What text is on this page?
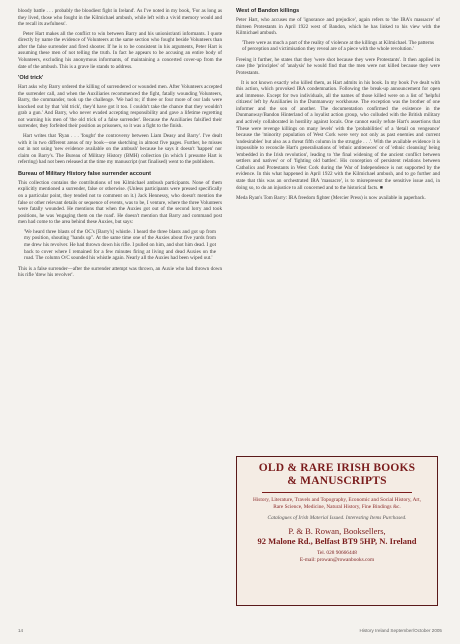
bloody battle . . . probably the bloodiest fight in Ireland'. As I've noted in my book, 'For as long as they lived, those who fought in the Kilmichael ambush, while left with a vivid memory would and the recall its awfulness'.

Peter Hart makes all the conflict to win between Barry and his unionist/anti informants. I quote directly by name the evidence of Volunteers at the same section who fought beside Volunteers than after the false surrender and fired shooter. If he is to be consistent in his arguments, Peter Hart is assuming these men of not telling the truth. In fact he appears to be accusing an entire body of Volunteers, excluding his anonymous informants, of maintaining a concerted cover-up from the date of the ambush. This is a grave lie stands to address.

'Old trick'

Hart asks why Barry ordered the killing of surrendered or wounded men. After Volunteers accepted the surrender call, and when the Auxiliaries recommenced the fight, fatally wounding Volunteers, Barry, the commander, took up the challenge. 'We had to; if three or four more of our lads were knocked out by that 'old trick', they'd have got it too. I couldn't take the chance that they wouldn't grab a gun.' And Barry, who never evaded accepting responsibility and gave a lifetime regretting not warning his men of 'the old trick of a false surrender'. Because the Auxiliaries falsified their surrender, they forfeited their position as prisoners, so it was a fight to the finish.

Hart writes that 'Ryan . . . 'fought' the controversy between Liam Deasy and Barry'. I've dealt with it in two different areas of my book—one sketching in almost five pages. Further, he misses out in not using 'new evidence available on the ambush' because he says it doesn't 'happen' nor claim on Barry's. The Bureau of Military History (BMH) collection (in which I presume Hart is referring) had not been released at the time my manuscript (not finalised) went to the publishers.

Bureau of Military History false surrender account

This collection contains the contributions of ten Kilmichael ambush participants. None of them explicitly mentioned a surrender, false or otherwise. (Unless participants were pressed specifically on a particular point, they tended not to comment on it.) Jack Hennessy, who doesn't mention the false or other relevant details or sequence of events, was to be, I venture, where the three Volunteers were fatally wounded. He mentions that when the Auxies got out of the second lorry and took positions, he was 'engaging them on the road'. He doesn't mention that Barry and command post men had come to the area behind these Auxies, but says:

'We heard three blasts of the OC's [Barry's] whistle. I heard the three blasts and got up from my position, shouting "hands up". At the same time one of the Auxies about five yards from me drew his revolver. He had thrown down his rifle. I pulled on him, and shot him dead. I got back to cover where I remained for a few minutes firing at living and dead Auxies on the road. The column O/C sounded his whistle again. Nearly all the Auxies had been wiped out.'

This is a false surrender—after the surrender attempt was thrown, an Auxie who had thrown down his rifle 'drew his revolver'.

West of Bandon killings

Peter Hart, who accuses me of 'ignorance and prejudice', again refers to 'the IRA's massacre' of thirteen Protestants in April 1922 west of Bandon, which he has linked to his view with the Kilmichael ambush.

'There were as much a part of the reality of violence at the killings at Kilmichael. The patterns of perception and victimisation they reveal are of a piece with the whole revolution.'

Freeing it further, he states that they 'were shot because they were Protestants'. It then applied its case (the 'principles' of 'analysis' he would find that the men were not killed because they were Protestants.

It is not known exactly who killed them, as Hart admits in his book. In my book I've dealt with this action, which provoked IRA condemnation. Following the break-up announcement for open and immense. Except for two individuals, all the names of those killed were on a list of 'helpful citizens' left by Auxiliaries in the Dunmanway workhouse. The exception was the brother of one informer and the son of another. The documentation confirmed the existence in the Dunmanway/Bandon Hinterland of a loyalist action group, who colluded with the British military and actively collaborated in hostility against locals. One cannot easily refute Hart's assertions that 'These were revenge killings on many levels' with the 'probabilities' of a 'detail on vengeance' because the 'minority population of West Cork were very not only as past enemies and current 'undesirables' but also as a threat fifth column in the struggle . . .'. With the available evidence it is impossible to reconcile Hart's generalisations of 'ethnic antiteneces' or of 'ethnic cleansing' being 'embedded in the Irish revolution', leading to 'the final widening of the ancient conflict between settlers and natives' or of 'fighting old battles'. His conception of persistent relations between Catholics and Protestants in West Cork during the War of Independence is not supported by the evidence. In this what happened in April 1922 with the Kilmichael ambush, and to go further and state that this was an orchestrated IRA 'massacre', is to misrepresent the sensitive issue and, in doing so, to do an injustice to all concerned and to the historical facts. ■

Meda Ryan's Tom Barry: IRA freedom fighter (Mercier Press) is now available in paperback.

OLD & RARE IRISH BOOKS
& MANUSCRIPTS
History, Literature, Travels and Topography, Economic and Social History, Art, Rare Science, Medicine, Natural History, Fine Bindings &c.
Catalogues of Irish Material Issued. Interesting Items Purchased.
P. & B. Rowan, Booksellers,
92 Malone Rd., Belfast BT9 5HP, N. Ireland
Tel. 028 90666448
E-mail: prowan@rowanbooks.com
14	History Ireland September/October 2005
